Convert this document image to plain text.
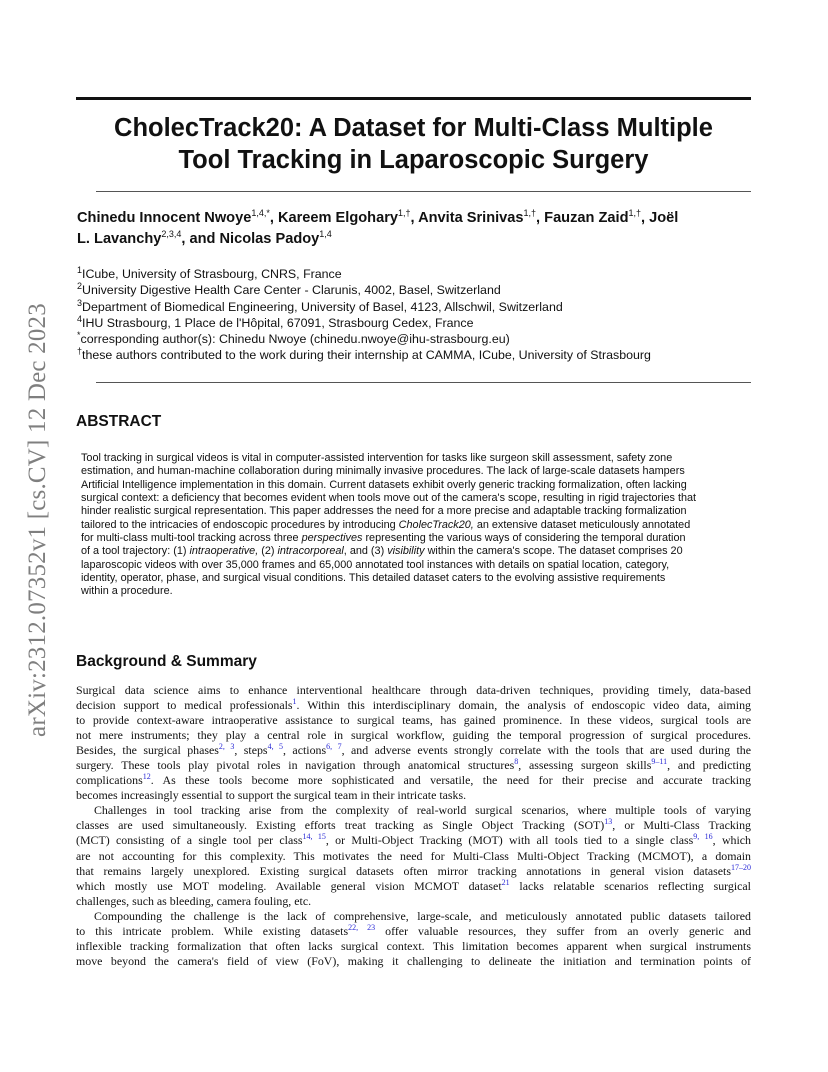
arXiv:2312.07352v1 [cs.CV] 12 Dec 2023
CholecTrack20: A Dataset for Multi-Class Multiple
Tool Tracking in Laparoscopic Surgery
Chinedu Innocent Nwoye$^{1,4,*}$, Kareem Elgohary$^{1,\dagger}$, Anvita Srinivas$^{1,\dagger}$, Fauzan Zaid$^{1,\dagger}$, Joël
L. Lavanchy$^{2,3,4}$, and Nicolas Padoy$^{1,4}$
$^1$ICube, University of Strasbourg, CNRS, France
$^2$University Digestive Health Care Center - Clarunis, 4002, Basel, Switzerland
$^3$Department of Biomedical Engineering, University of Basel, 4123, Allschwil, Switzerland
$^4$IHU Strasbourg, 1 Place de l'Hôpital, 67091, Strasbourg Cedex, France
*corresponding author(s): Chinedu Nwoye (chinedu.nwoye@ihu-strasbourg.eu)
†these authors contributed to the work during their internship at CAMMA, ICube, University of Strasbourg
ABSTRACT
Tool tracking in surgical videos is vital in computer-assisted intervention for tasks like surgeon skill assessment, safety zone
estimation, and human-machine collaboration during minimally invasive procedures. The lack of large-scale datasets hampers
Artificial Intelligence implementation in this domain. Current datasets exhibit overly generic tracking formalization, often lacking
surgical context: a deficiency that becomes evident when tools move out of the camera's scope, resulting in rigid trajectories that
hinder realistic surgical representation. This paper addresses the need for a more precise and adaptable tracking formalization
tailored to the intricacies of endoscopic procedures by introducing CholecTrack20, an extensive dataset meticulously annotated
for multi-class multi-tool tracking across three perspectives representing the various ways of considering the temporal duration
of a tool trajectory: (1) intraoperative, (2) intracorporeal, and (3) visibility within the camera's scope. The dataset comprises 20
laparoscopic videos with over 35,000 frames and 65,000 annotated tool instances with details on spatial location, category,
identity, operator, phase, and surgical visual conditions. This detailed dataset caters to the evolving assistive requirements
within a procedure.
Background & Summary
Surgical data science aims to enhance interventional healthcare through data-driven techniques, providing timely, data-based
decision support to medical professionals$^1$. Within this interdisciplinary domain, the analysis of endoscopic video data, aiming
to provide context-aware intraoperative assistance to surgical teams, has gained prominence. In these videos, surgical tools are
not mere instruments; they play a central role in surgical workflow, guiding the temporal progression of surgical procedures.
Besides, the surgical phases$^{2, 3}$, steps$^{4, 5}$, actions$^{6, 7}$, and adverse events strongly correlate with the tools that are used during the
surgery. These tools play pivotal roles in navigation through anatomical structures$^8$, assessing surgeon skills$^{9-11}$, and predicting
complications$^{12}$. As these tools become more sophisticated and versatile, the need for their precise and accurate tracking
becomes increasingly essential to support the surgical team in their intricate tasks.
Challenges in tool tracking arise from the complexity of real-world surgical scenarios, where multiple tools of varying
classes are used simultaneously. Existing efforts treat tracking as Single Object Tracking (SOT)$^{13}$, or Multi-Class Tracking
(MCT) consisting of a single tool per class$^{14, 15}$, or Multi-Object Tracking (MOT) with all tools tied to a single class$^{9, 16}$, which
are not accounting for this complexity. This motivates the need for Multi-Class Multi-Object Tracking (MCMOT), a domain
that remains largely unexplored. Existing surgical datasets often mirror tracking annotations in general vision datasets$^{17-20}$
which mostly use MOT modeling. Available general vision MCMOT dataset$^{21}$ lacks relatable scenarios reflecting surgical
challenges, such as bleeding, camera fouling, etc.
Compounding the challenge is the lack of comprehensive, large-scale, and meticulously annotated public datasets tailored
to this intricate problem. While existing datasets$^{22, 23}$ offer valuable resources, they suffer from an overly generic and
inflexible tracking formalization that often lacks surgical context. This limitation becomes apparent when surgical instruments
move beyond the camera's field of view (FoV), making it challenging to delineate the initiation and termination points of
